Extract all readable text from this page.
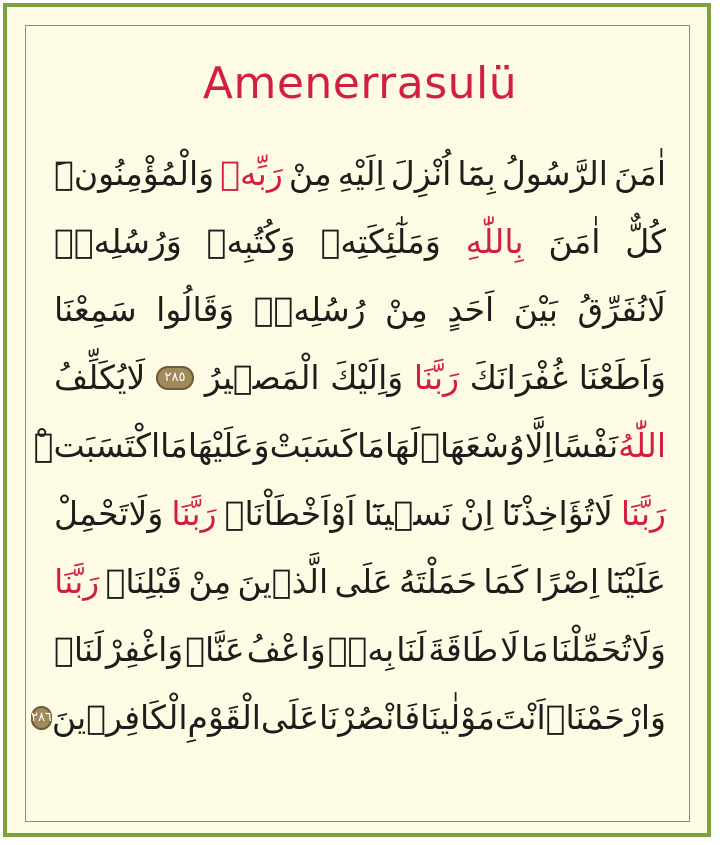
Amenerrasulü
اٰمَنَ
الرَّسُولُ
بِمَٓا
اُنْزِلَ
اِلَيْهِ
مِنْ
رَبِّه۪
وَالْمُؤْمِنُونَۜ
كُلٌّ
اٰمَنَ
بِاللّٰهِ
وَمَلٰٓئِكَتِه۪
وَكُتُبِه۪
وَرُسُلِه۪ۜ
لَانُفَرِّقُ
بَيْنَ
اَحَدٍ
مِنْ
رُسُلِه۪ۗ
وَقَالُوا
سَمِعْنَا
وَاَطَعْنَا
غُفْرَانَكَ
رَبَّنَا
وَاِلَيْكَ
الْمَص۪يرُ
٢٨٥
لَايُكَلِّفُ
اللّٰهُ
نَفْسًا
اِلَّا
وُسْعَهَاۜ
لَهَا
مَاكَسَبَتْ
وَعَلَيْهَا
مَااكْتَسَبَتْۜ
رَبَّنَا
لَاتُؤَاخِذْنَٓا
اِنْ
نَس۪ينَٓا
اَوْاَخْطَاْنَاۚ
رَبَّنَا
وَلَاتَحْمِلْ
عَلَيْنَٓا
اِصْرًا
كَمَا
حَمَلْتَهُ
عَلَى
الَّذ۪ينَ
مِنْ
قَبْلِنَاۚ
رَبَّنَا
وَلَاتُحَمِّلْنَا
مَا
لَا
طَاقَةَ
لَنَا
بِه۪ۚ
وَاعْفُ
عَنَّاࣞ
وَاغْفِرْ
لَنَاࣞ
وَارْحَمْنَاࣞ
اَنْتَ
مَوْلٰينَا
فَانْصُرْنَا
عَلَى
الْقَوْمِ
الْكَافِر۪ينَ
٢٨٦
